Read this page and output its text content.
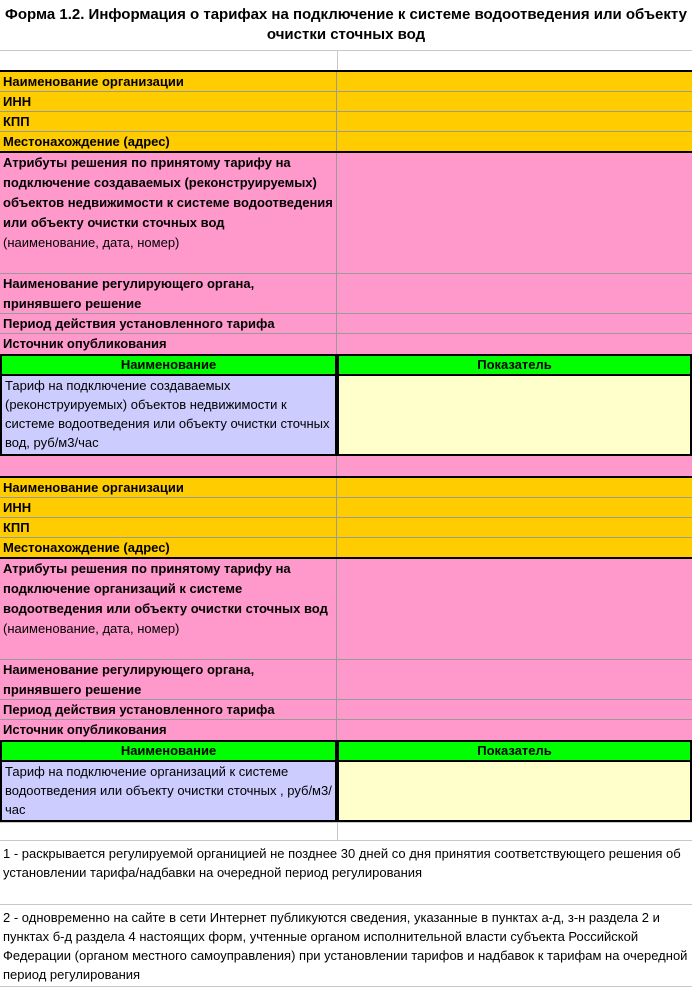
Форма 1.2. Информация о тарифах на подключение к системе водоотведения или объекту очистки сточных вод
Наименование организации
ИНН
КПП
Местонахождение (адрес)
Атрибуты решения по принятому тарифу на подключение создаваемых (реконструируемых) объектов недвижимости к системе водоотведения или объекту очистки сточных вод
(наименование, дата, номер)
Наименование регулирующего органа, принявшего решение
Период действия установленного тарифа
Источник опубликования
Наименование	Показатель
Тариф на подключение создаваемых (реконструируемых) объектов недвижимости к системе водоотведения или объекту очистки сточных вод, руб/м3/час
Наименование организации
ИНН
КПП
Местонахождение (адрес)
Атрибуты решения по принятому тарифу на подключение организаций к системе водоотведения или объекту очистки сточных вод
(наименование, дата, номер)
Наименование регулирующего органа, принявшего решение
Период действия установленного тарифа
Источник опубликования
Наименование	Показатель
Тариф на подключение организаций к системе водоотведения или объекту очистки сточных , руб/м3/час
1 - раскрывается регулируемой органицией не позднее 30 дней со дня принятия соответствующего решения об установлении тарифа/надбавки на очередной период регулирования
2 - одновременно на сайте в сети Интернет публикуются сведения, указанные в пунктах а-д, з-н раздела 2 и пунктах б-д раздела 4 настоящих форм, учтенные органом исполнительной власти субъекта Российской Федерации (органом местного самоуправления) при установлении тарифов и надбавок к тарифам на очередной период регулирования
